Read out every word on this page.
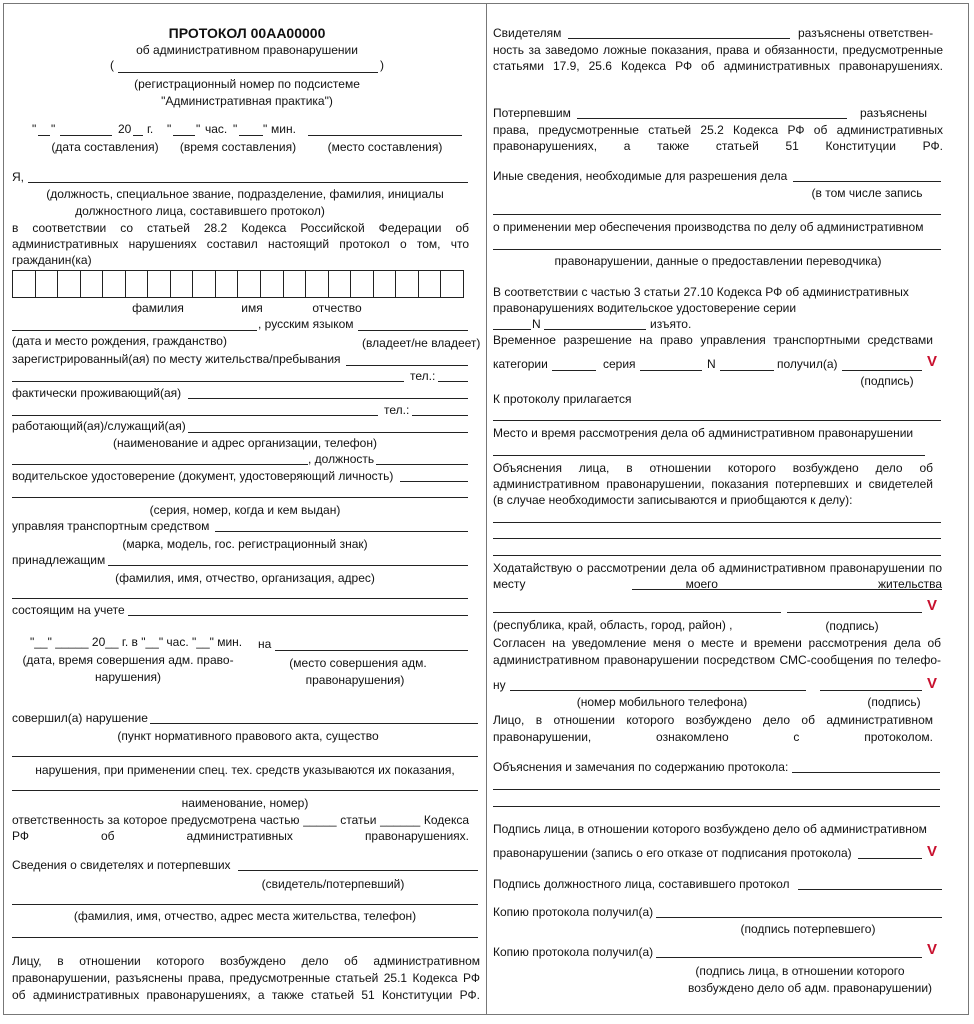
ПРОТОКОЛ 00АА00000
об административном правонарушении
(	)
(регистрационный номер по подсистеме
"Административная практика")
" "	20 г. " " час. " " мин.
(дата составления) (время составления)	(место составления)
Я,
(должность, специальное звание, подразделение, фамилия, инициалы
должностного лица, составившего протокол)
в соответствии со статьей 28.2 Кодекса Российской Федерации об административных нарушениях составил настоящий протокол о том, что
гражданин(ка)
фамилия	имя	отчество
, русским языком
(дата и место рождения, гражданство)	(владеет/не владеет)
зарегистрированный(ая) по месту жительства/пребывания
тел.:
фактически проживающий(ая)
тел.:
работающий(ая)/служащий(ая)
(наименование и адрес организации, телефон)
, должность
водительское удостоверение (документ, удостоверяющий личность)
(серия, номер, когда и кем выдан)
управляя транспортным средством
(марка, модель, гос. регистрационный знак)
принадлежащим
(фамилия, имя, отчество, организация, адрес)
состоящим на учете
"__" _____ 20__ г. в "__" час. "__" мин. на
(дата, время совершения адм. право-
нарушения)
(место совершения адм.
правонарушения)
совершил(а) нарушение
(пункт нормативного правового акта, существо
нарушения, при применении спец. тех. средств указываются их показания,
наименование, номер)
ответственность за которое предусмотрена частью _____ статьи ______ Кодекса РФ об административных правонарушениях.
Сведения о свидетелях и потерпевших
(свидетель/потерпевший)
(фамилия, имя, отчество, адрес места жительства, телефон)
Лицу, в отношении которого возбуждено дело об административном правонарушении, разъяснены права, предусмотренные статьей 25.1 Кодекса РФ об административных правонарушениях, а также статьей 51 Конституции РФ.
Свидетелям	разъяснены ответствен-
ность за заведомо ложные показания, права и обязанности, предусмотренные статьями 17.9, 25.6 Кодекса РФ об административных правонарушениях.
Потерпевшим	разъяснены
права, предусмотренные статьей 25.2 Кодекса РФ об административных правонарушениях, а также статьей 51 Конституции РФ.
Иные сведения, необходимые для разрешения дела
(в том числе запись
о применении мер обеспечения производства по делу об административном
правонарушении, данные о предоставлении переводчика)
В соответствии с частью 3 статьи 27.10 Кодекса РФ об административных правонарушениях водительское удостоверение серии
N	изъято.
Временное разрешение на право управления транспортными средствами
категории	серия	N	получил(а)	V
(подпись)
К протоколу прилагается
Место и время рассмотрения дела об административном правонарушении
Объяснения лица, в отношении которого возбуждено дело об административном правонарушении, показания потерпевших и свидетелей
(в случае необходимости записываются и приобщаются к делу):
Ходатайствую о рассмотрении дела об административном правонарушении по месту моего жительства
V
(республика, край, область, город, район) ,	(подпись)
Согласен на уведомление меня о месте и времени рассмотрения дела об административном правонарушении посредством СМС-сообщения по телефо-
ну	V
(номер мобильного телефона)	(подпись)
Лицо, в отношении которого возбуждено дело об административном правонарушении, ознакомлено с протоколом.
Объяснения и замечания по содержанию протокола:
Подпись лица, в отношении которого возбуждено дело об административном
правонарушении (запись о его отказе от подписания протокола)	V
Подпись должностного лица, составившего протокол
Копию протокола получил(а)
(подпись потерпевшего)
Копию протокола получил(а)	V
(подпись лица, в отношении которого
возбуждено дело об адм. правонарушении)
